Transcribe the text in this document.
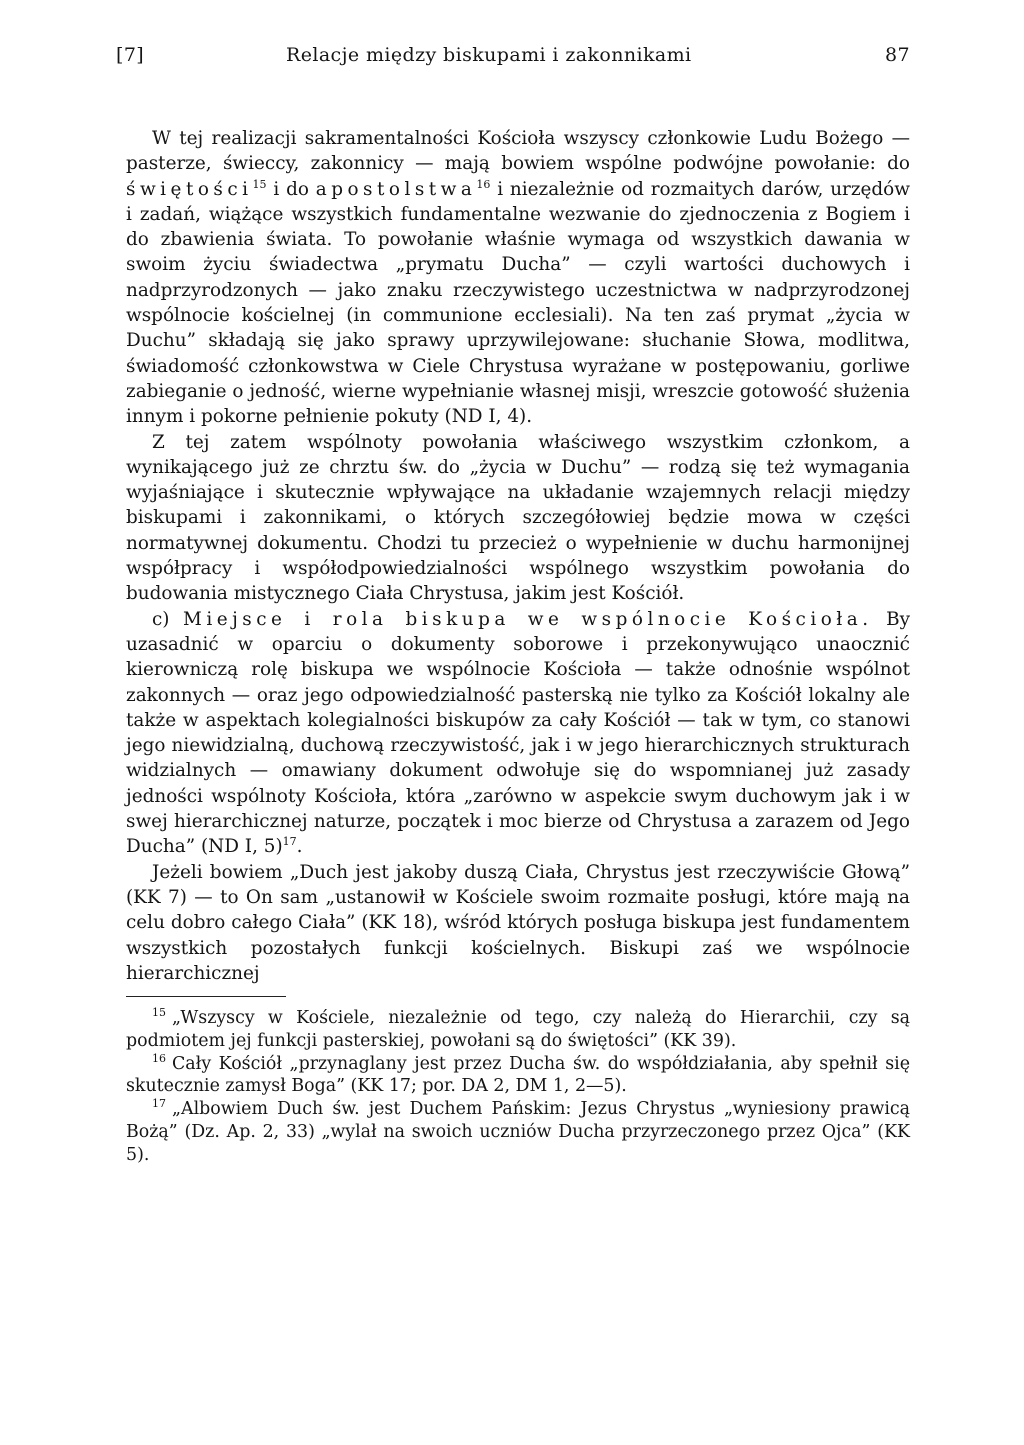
[7]	Relacje między biskupami i zakonnikami	87

W tej realizacji sakramentalności Kościoła wszyscy członkowie Ludu Bożego — pasterze, świeccy, zakonnicy — mają bowiem wspólne podwójne powołanie: do świętości$^{15}$ i do apostolstwa$^{16}$ i niezależnie od rozmaitych darów, urzędów i zadań, wiążące wszystkich fundamentalne wezwanie do zjednoczenia z Bogiem i do zbawienia świata. To powołanie właśnie wymaga od wszystkich dawania w swoim życiu świadectwa „prymatu Ducha” — czyli wartości duchowych i nadprzyrodzonych — jako znaku rzeczywistego uczestnictwa w nadprzyrodzonej wspólnocie kościelnej (in communione ecclesiali). Na ten zaś prymat „życia w Duchu” składają się jako sprawy uprzywilejowane: słuchanie Słowa, modlitwa, świadomość członkowstwa w Ciele Chrystusa wyrażane w postępowaniu, gorliwe zabieganie o jedność, wierne wypełnianie własnej misji, wreszcie gotowość służenia innym i pokorne pełnienie pokuty (ND I, 4).

Z tej zatem wspólnoty powołania właściwego wszystkim członkom, a wynikającego już ze chrztu św. do „życia w Duchu” — rodzą się też wymagania wyjaśniające i skutecznie wpływające na układanie wzajemnych relacji między biskupami i zakonnikami, o których szczegółowiej będzie mowa w części normatywnej dokumentu. Chodzi tu przecież o wypełnienie w duchu harmonijnej współpracy i współodpowiedzialności wspólnego wszystkim powołania do budowania mistycznego Ciała Chrystusa, jakim jest Kościół.

c) Miejsce i rola biskupa we wspólnocie Kościoła. By uzasadnić w oparciu o dokumenty soborowe i przekonywująco unaocznić kierowniczą rolę biskupa we wspólnocie Kościoła — także odnośnie wspólnot zakonnych — oraz jego odpowiedzialność pasterską nie tylko za Kościół lokalny ale także w aspektach kolegialności biskupów za cały Kościół — tak w tym, co stanowi jego niewidzialną, duchową rzeczywistość, jak i w jego hierarchicznych strukturach widzialnych — omawiany dokument odwołuje się do wspomnianej już zasady jedności wspólnoty Kościoła, która „zarówno w aspekcie swym duchowym jak i w swej hierarchicznej naturze, początek i moc bierze od Chrystusa a zarazem od Jego Ducha” (ND I, 5)$^{17}$.

Jeżeli bowiem „Duch jest jakoby duszą Ciała, Chrystus jest rzeczywiście Głową” (KK 7) — to On sam „ustanowił w Kościele swoim rozmaite posługi, które mają na celu dobro całego Ciała” (KK 18), wśród których posługa biskupa jest fundamentem wszystkich pozostałych funkcji kościelnych. Biskupi zaś we wspólnocie hierarchicznej

$^{15}$ „Wszyscy w Kościele, niezależnie od tego, czy należą do Hierarchii, czy są podmiotem jej funkcji pasterskiej, powołani są do świętości” (KK 39).

$^{16}$ Cały Kościół „przynaglany jest przez Ducha św. do współdziałania, aby spełnił się skutecznie zamysł Boga” (KK 17; por. DA 2, DM 1, 2—5).

$^{17}$ „Albowiem Duch św. jest Duchem Pańskim: Jezus Chrystus „wyniesiony prawicą Bożą” (Dz. Ap. 2, 33) „wylał na swoich uczniów Ducha przyrzeczonego przez Ojca” (KK 5).
